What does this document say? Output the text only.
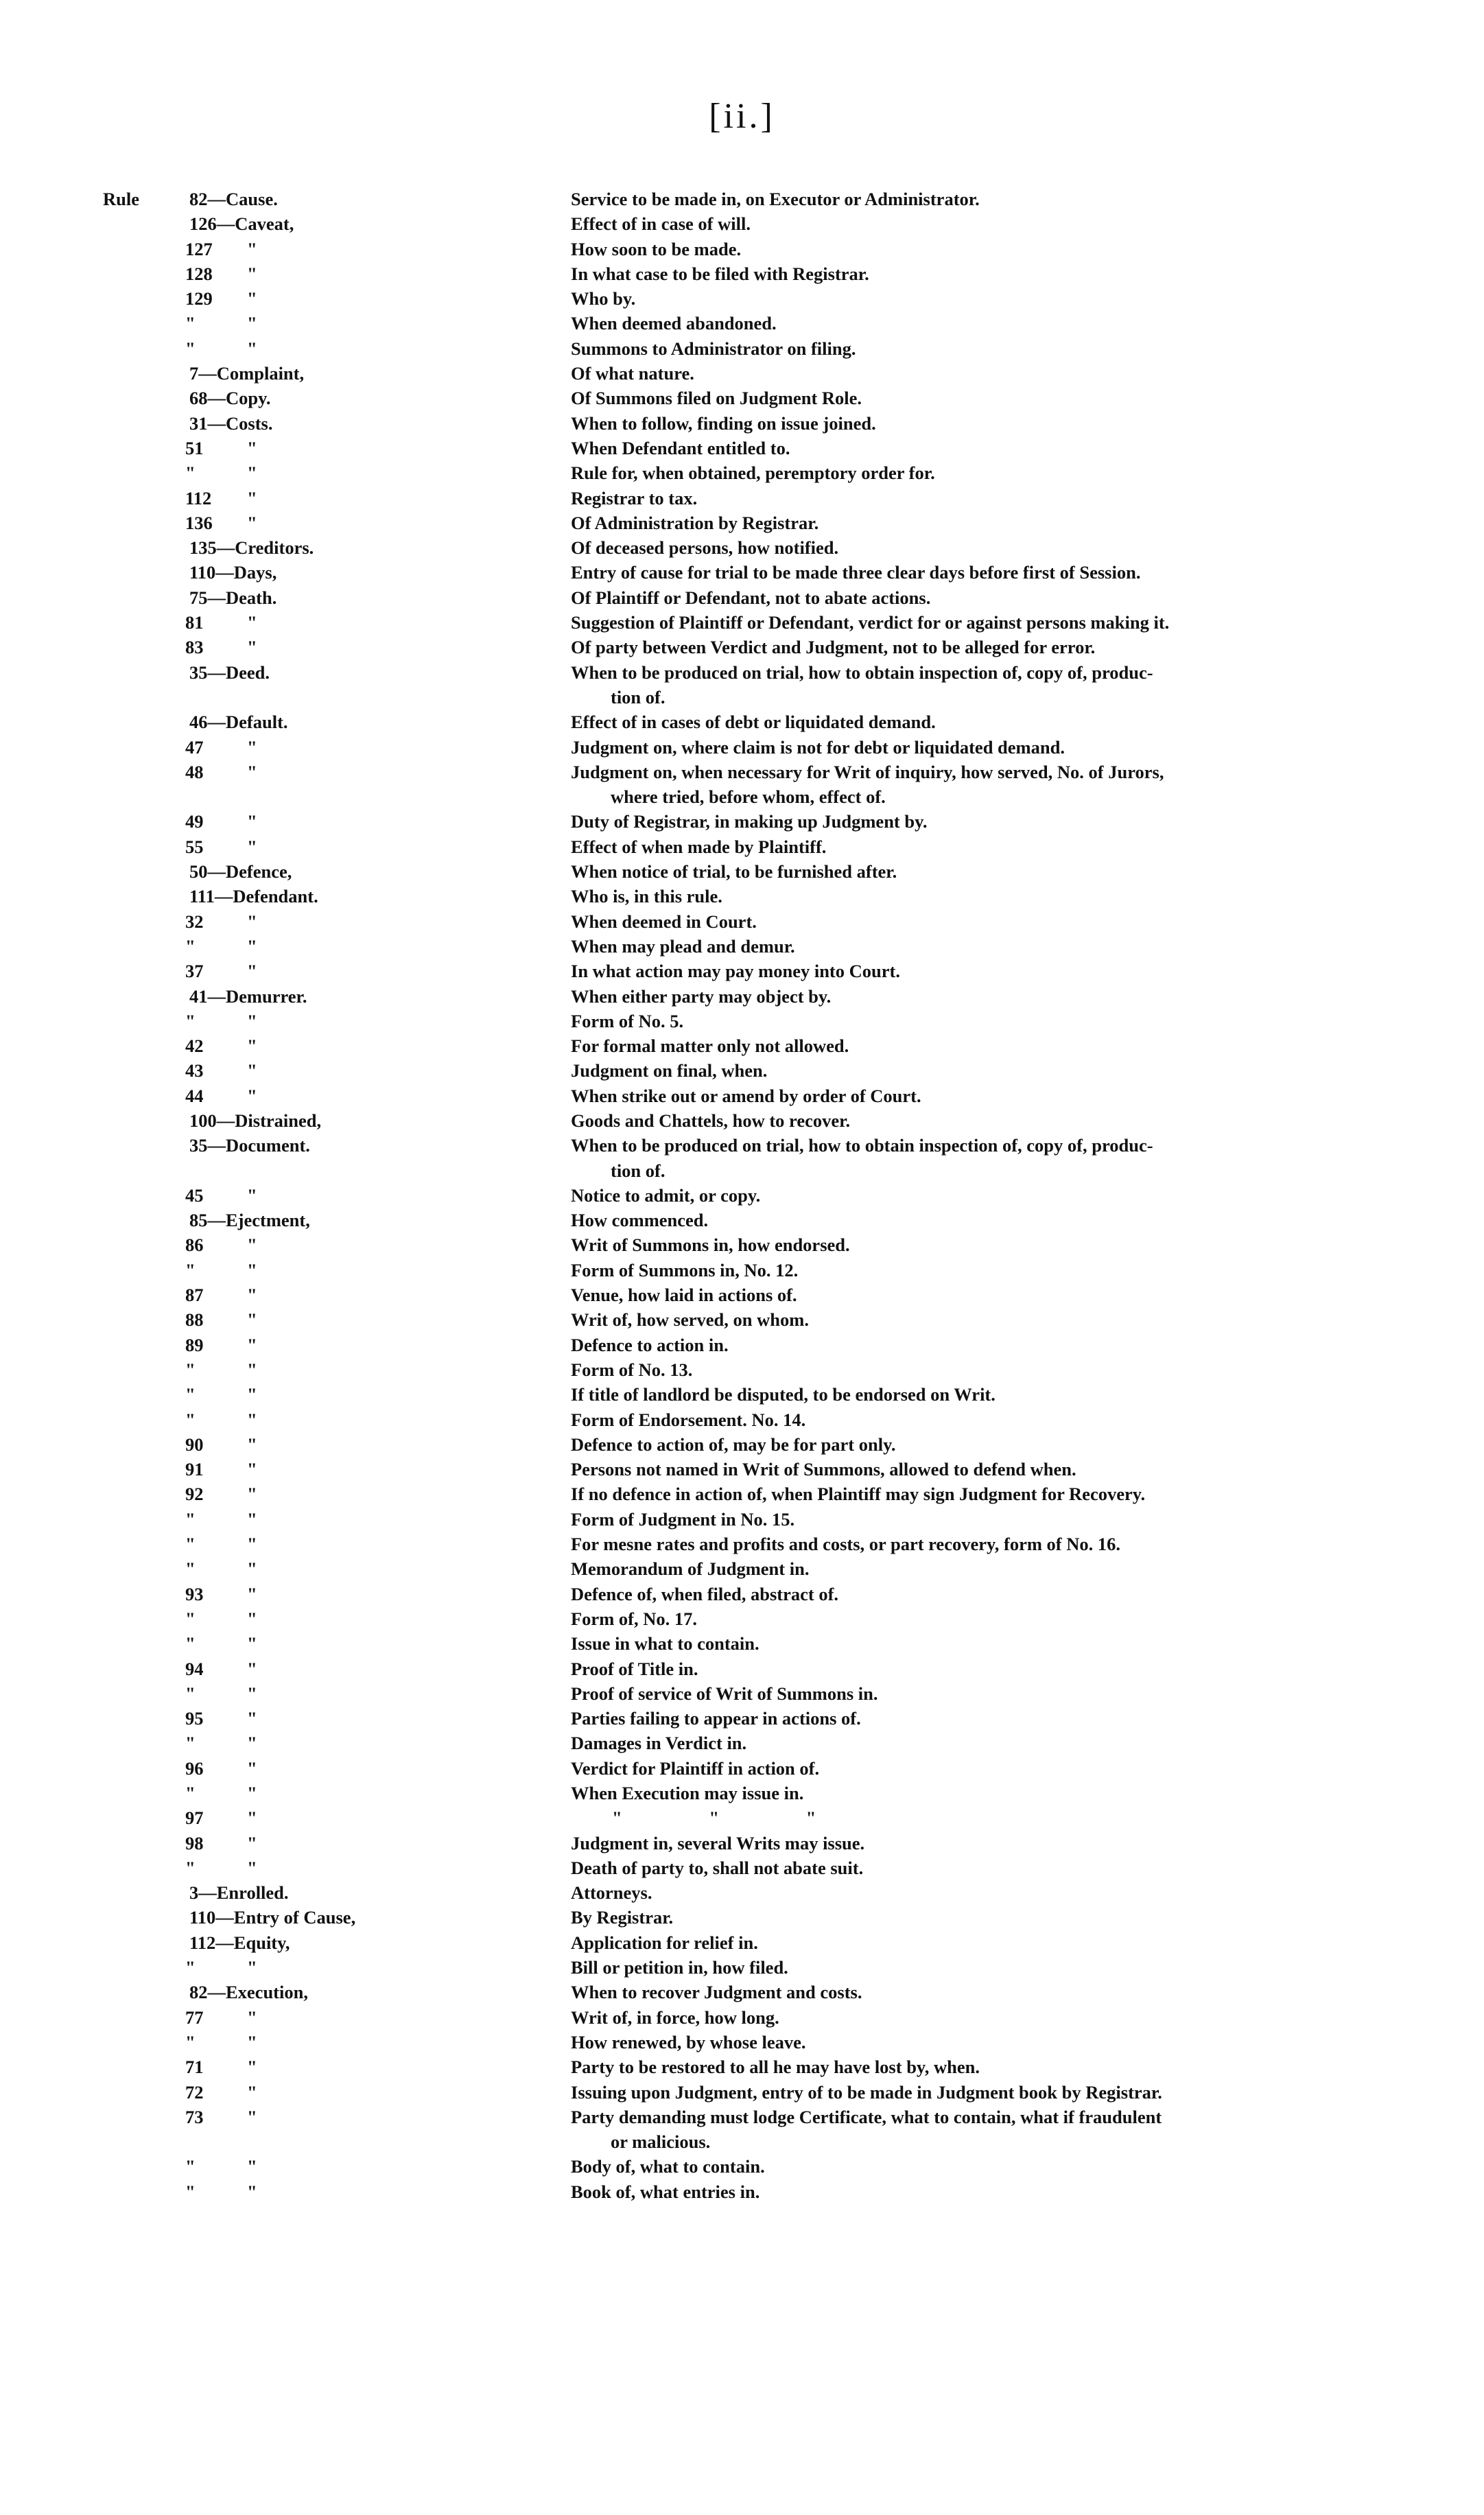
[ii.]
Rule	82—Cause.	Service to be made in, on Executor or Administrator.
126—Caveat,	Effect of in case of will.
127	"	How soon to be made.
128	"	In what case to be filed with Registrar.
129	"	Who by.
"	"	When deemed abandoned.
"	"	Summons to Administrator on filing.
7—Complaint,	Of what nature.
68—Copy.	Of Summons filed on Judgment Role.
31—Costs.	When to follow, finding on issue joined.
51	"	When Defendant entitled to.
"	"	Rule for, when obtained, peremptory order for.
112	"	Registrar to tax.
136	"	Of Administration by Registrar.
135—Creditors.	Of deceased persons, how notified.
110—Days,	Entry of cause for trial to be made three clear days before first of Session.
75—Death.	Of Plaintiff or Defendant, not to abate actions.
81	"	Suggestion of Plaintiff or Defendant, verdict for or against persons making it.
83	"	Of party between Verdict and Judgment, not to be alleged for error.
35—Deed.	When to be produced on trial, how to obtain inspection of, copy of, produc-
tion of.
46—Default.	Effect of in cases of debt or liquidated demand.
47	"	Judgment on, where claim is not for debt or liquidated demand.
48	"	Judgment on, when necessary for Writ of inquiry, how served, No. of Jurors,
where tried, before whom, effect of.
49	"	Duty of Registrar, in making up Judgment by.
55	"	Effect of when made by Plaintiff.
50—Defence,	When notice of trial, to be furnished after.
111—Defendant.	Who is, in this rule.
32	"	When deemed in Court.
"	"	When may plead and demur.
37	"	In what action may pay money into Court.
41—Demurrer.	When either party may object by.
"	"	Form of No. 5.
42	"	For formal matter only not allowed.
43	"	Judgment on final, when.
44	"	When strike out or amend by order of Court.
100—Distrained,	Goods and Chattels, how to recover.
35—Document.	When to be produced on trial, how to obtain inspection of, copy of, produc-
tion of.
45	"	Notice to admit, or copy.
85—Ejectment,	How commenced.
86	"	Writ of Summons in, how endorsed.
"	"	Form of Summons in, No. 12.
87	"	Venue, how laid in actions of.
88	"	Writ of, how served, on whom.
89	"	Defence to action in.
"	"	Form of No. 13.
"	"	If title of landlord be disputed, to be endorsed on Writ.
"	"	Form of Endorsement. No. 14.
90	"	Defence to action of, may be for part only.
91	"	Persons not named in Writ of Summons, allowed to defend when.
92	"	If no defence in action of, when Plaintiff may sign Judgment for Recovery.
"	"	Form of Judgment in No. 15.
"	"	For mesne rates and profits and costs, or part recovery, form of No. 16.
"	"	Memorandum of Judgment in.
93	"	Defence of, when filed, abstract of.
"	"	Form of, No. 17.
"	"	Issue in what to contain.
94	"	Proof of Title in.
"	"	Proof of service of Writ of Summons in.
95	"	Parties failing to appear in actions of.
"	"	Damages in Verdict in.
96	"	Verdict for Plaintiff in action of.
"	"	When Execution may issue in.
97	"	" " "
98	"	Judgment in, several Writs may issue.
"	"	Death of party to, shall not abate suit.
3—Enrolled.	Attorneys.
110—Entry of Cause,	By Registrar.
112—Equity,	Application for relief in.
"	"	Bill or petition in, how filed.
82—Execution,	When to recover Judgment and costs.
77	"	Writ of, in force, how long.
"	"	How renewed, by whose leave.
71	"	Party to be restored to all he may have lost by, when.
72	"	Issuing upon Judgment, entry of to be made in Judgment book by Registrar.
73	"	Party demanding must lodge Certificate, what to contain, what if fraudulent
or malicious.
"	"	Body of, what to contain.
"	"	Book of, what entries in.
